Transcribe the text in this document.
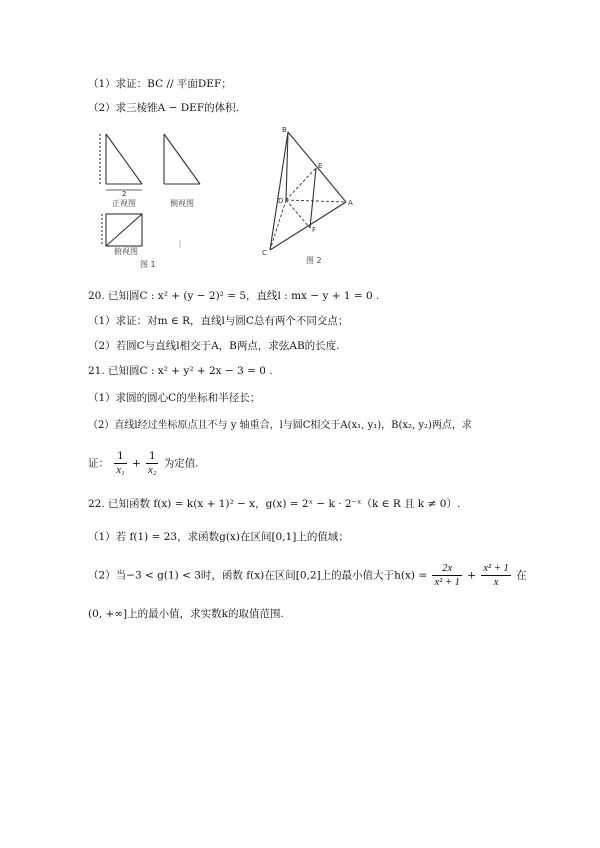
（1）求证：BC // 平面DEF；
（2）求三棱锥A − DEF的体积.
2
正视图	侧视图
俯视图
图 1
B
E
D	A
F
C
图 2
20. 已知圆C : x² + (y − 2)² = 5，直线l : mx − y + 1 = 0 .
（1）求证：对m ∈ R，直线l与圆C总有两个不同交点；
（2）若圆C与直线l相交于A，B两点，求弦AB的长度.
21. 已知圆C : x² + y² + 2x − 3 = 0 .
（1）求圆的圆心C的坐标和半径长；
（2）直线l经过坐标原点且不与 y 轴重合，l与圆C相交于A(x₁, y₁)，B(x₂, y₂)两点，求
证： $\frac{1}{\text{x₁}} + \frac{1}{\text{x₂}}$ 为定值.
22. 已知函数 f(x) = k(x + 1)² − x，g(x) = 2ˣ − k · 2⁻ˣ（k ∈ R 且 k ≠ 0）.
（1）若 f(1) = 23，求函数g(x)在区间[0,1]上的值域；
（2）当−3 < g(1) < 3时，函数 f(x)在区间[0,2]上的最小值大于$h(x) = \frac{2x}{\text{x² + 1}} + \frac{\text{x² + 1}}{x}$ 在
(0, +∞]上的最小值，求实数k的取值范围.
